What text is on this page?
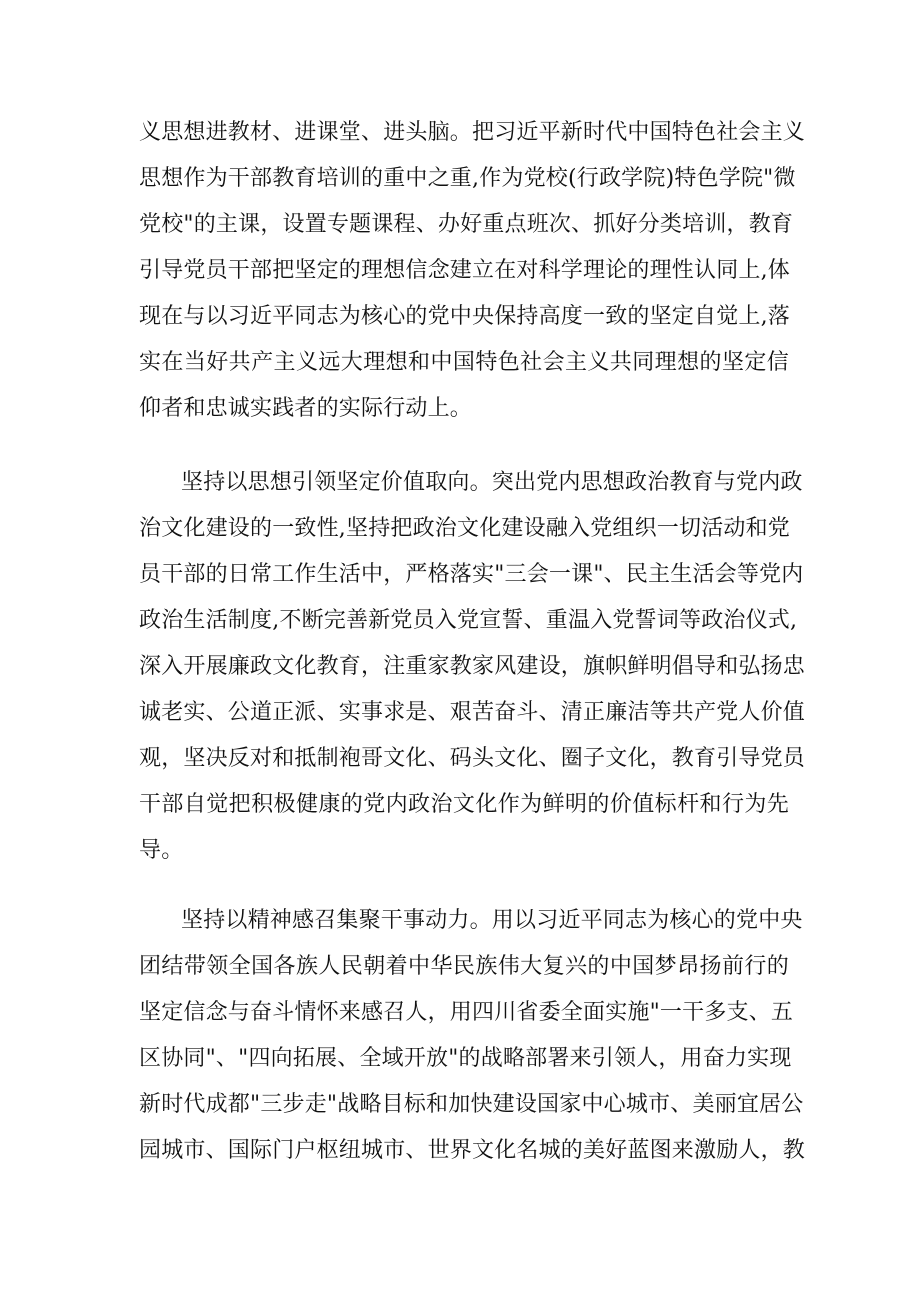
义思想进教材、进课堂、进头脑。把习近平新时代中国特色社会主义
思想作为干部教育培训的重中之重,作为党校(行政学院)特色学院"微
党校"的主课，设置专题课程、办好重点班次、抓好分类培训，教育
引导党员干部把坚定的理想信念建立在对科学理论的理性认同上,体
现在与以习近平同志为核心的党中央保持高度一致的坚定自觉上,落
实在当好共产主义远大理想和中国特色社会主义共同理想的坚定信
仰者和忠诚实践者的实际行动上。
坚持以思想引领坚定价值取向。突出党内思想政治教育与党内政
治文化建设的一致性,坚持把政治文化建设融入党组织一切活动和党
员干部的日常工作生活中，严格落实"三会一课"、民主生活会等党内
政治生活制度,不断完善新党员入党宣誓、重温入党誓词等政治仪式,
深入开展廉政文化教育，注重家教家风建设，旗帜鲜明倡导和弘扬忠
诚老实、公道正派、实事求是、艰苦奋斗、清正廉洁等共产党人价值
观，坚决反对和抵制袍哥文化、码头文化、圈子文化，教育引导党员
干部自觉把积极健康的党内政治文化作为鲜明的价值标杆和行为先
导。
坚持以精神感召集聚干事动力。用以习近平同志为核心的党中央
团结带领全国各族人民朝着中华民族伟大复兴的中国梦昂扬前行的
坚定信念与奋斗情怀来感召人，用四川省委全面实施"一干多支、五
区协同"、"四向拓展、全域开放"的战略部署来引领人，用奋力实现
新时代成都"三步走"战略目标和加快建设国家中心城市、美丽宜居公
园城市、国际门户枢纽城市、世界文化名城的美好蓝图来激励人，教
